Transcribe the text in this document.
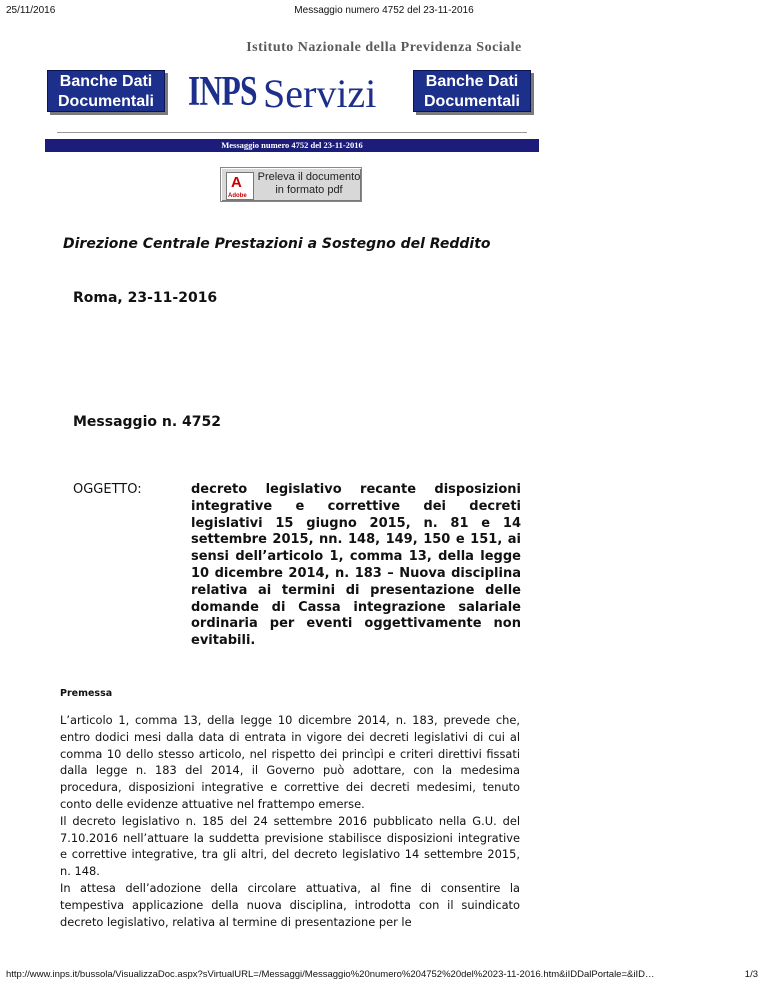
25/11/2016	Messaggio numero 4752 del 23-11-2016
Istituto Nazionale della Previdenza Sociale
Banche Dati
Documentali INPS Servizi	Banche Dati
Documentali
Messaggio numero 4752 del 23-11-2016
A
Adobe
Preleva il documento
in formato pdf
Direzione Centrale Prestazioni a Sostegno del Reddito
Roma, 23-11-2016
Messaggio n. 4752
OGGETTO:	decreto legislativo recante disposizioni integrative e correttive dei decreti legislativi 15 giugno 2015, n. 81 e 14 settembre 2015, nn. 148, 149, 150 e 151, ai sensi dell’articolo 1, comma 13, della legge 10 dicembre 2014, n. 183 – Nuova disciplina relativa ai termini di presentazione delle domande di Cassa integrazione salariale ordinaria per eventi oggettivamente non evitabili.
Premessa

L’articolo 1, comma 13, della legge 10 dicembre 2014, n. 183, prevede che, entro dodici mesi dalla data di entrata in vigore dei decreti legislativi di cui al comma 10 dello stesso articolo, nel rispetto dei princìpi e criteri direttivi fissati dalla legge n. 183 del 2014, il Governo può adottare, con la medesima procedura, disposizioni integrative e correttive dei decreti medesimi, tenuto conto delle evidenze attuative nel frattempo emerse.

Il decreto legislativo n. 185 del 24 settembre 2016 pubblicato nella G.U. del 7.10.2016 nell’attuare la suddetta previsione stabilisce disposizioni integrative e correttive integrative, tra gli altri, del decreto legislativo 14 settembre 2015, n. 148.

In attesa dell’adozione della circolare attuativa, al fine di consentire la tempestiva applicazione della nuova disciplina, introdotta con il suindicato decreto legislativo, relativa al termine di presentazione per le

http://www.inps.it/bussola/VisualizzaDoc.aspx?sVirtualURL=/Messaggi/Messaggio%20numero%204752%20del%2023-11-2016.htm&iIDDalPortale=&iID…	1/3
